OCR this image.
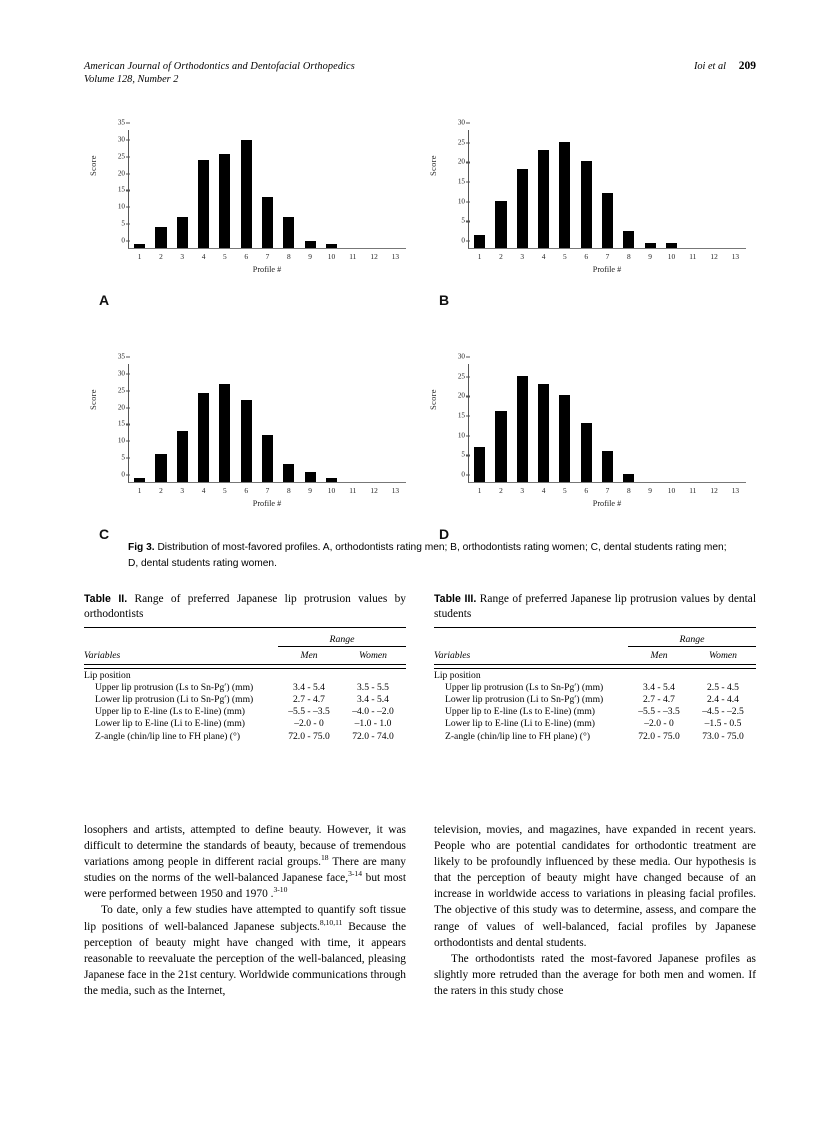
American Journal of Orthodontics and Dentofacial Orthopedics
Volume 128, Number 2
Ioi et al 209
Score
0
5
10
15
20
25
30
35
1	2	3	4	5	6	7	8	9	10	11	12	13
Profile #
A
Score
0
5
10
15
20
25
30
1	2	3	4	5	6	7	8	9	10	11	12	13
Profile #
B
Score
0
5
10
15
20
25
30
35
1	2	3	4	5	6	7	8	9	10	11	12	13
Profile #
C
Score
0
5
10
15
20
25
30
1	2	3	4	5	6	7	8	9	10	11	12	13
Profile #
D
Fig 3. Distribution of most-favored profiles. A, orthodontists rating men; B, orthodontists rating women; C, dental students rating men; D, dental students rating women.
Table II. Range of preferred Japanese lip protrusion values by orthodontists

	Range	
Variables	Men	Women

Lip position		
Upper lip protrusion (Ls to Sn-Pg′) (mm)	3.4 - 5.4	3.5 - 5.5
Lower lip protrusion (Li to Sn-Pg′) (mm)	2.7 - 4.7	3.4 - 5.4
Upper lip to E-line (Ls to E-line) (mm)	–5.5 - –3.5	–4.0 - –2.0
Lower lip to E-line (Li to E-line) (mm)	–2.0 - 0	–1.0 - 1.0
Z-angle (chin/lip line to FH plane) (°)	72.0 - 75.0	72.0 - 74.0
Table III. Range of preferred Japanese lip protrusion values by dental students

	Range	
Variables	Men	Women

Lip position		
Upper lip protrusion (Ls to Sn-Pg′) (mm)	3.4 - 5.4	2.5 - 4.5
Lower lip protrusion (Li to Sn-Pg′) (mm)	2.7 - 4.7	2.4 - 4.4
Upper lip to E-line (Ls to E-line) (mm)	–5.5 - –3.5	–4.5 - –2.5
Lower lip to E-line (Li to E-line) (mm)	–2.0 - 0	–1.5 - 0.5
Z-angle (chin/lip line to FH plane) (°)	72.0 - 75.0	73.0 - 75.0

losophers and artists, attempted to define beauty. However, it was difficult to determine the standards of beauty, because of tremendous variations among people in different racial groups.$^{18}$ There are many studies on the norms of the well-balanced Japanese face,$^{3-14}$ but most were performed between 1950 and 1970 .$^{3-10}$

To date, only a few studies have attempted to quantify soft tissue lip positions of well-balanced Japanese subjects.$^{8,10,11}$ Because the perception of beauty might have changed with time, it appears reasonable to reevaluate the perception of the well-balanced, pleasing Japanese face in the 21st century. Worldwide communications through the media, such as the Internet,

television, movies, and magazines, have expanded in recent years. People who are potential candidates for orthodontic treatment are likely to be profoundly influenced by these media. Our hypothesis is that the perception of beauty might have changed because of an increase in worldwide access to variations in pleasing facial profiles. The objective of this study was to determine, assess, and compare the range of values of well-balanced, facial profiles by Japanese orthodontists and dental students.

The orthodontists rated the most-favored Japanese profiles as slightly more retruded than the average for both men and women. If the raters in this study chose
